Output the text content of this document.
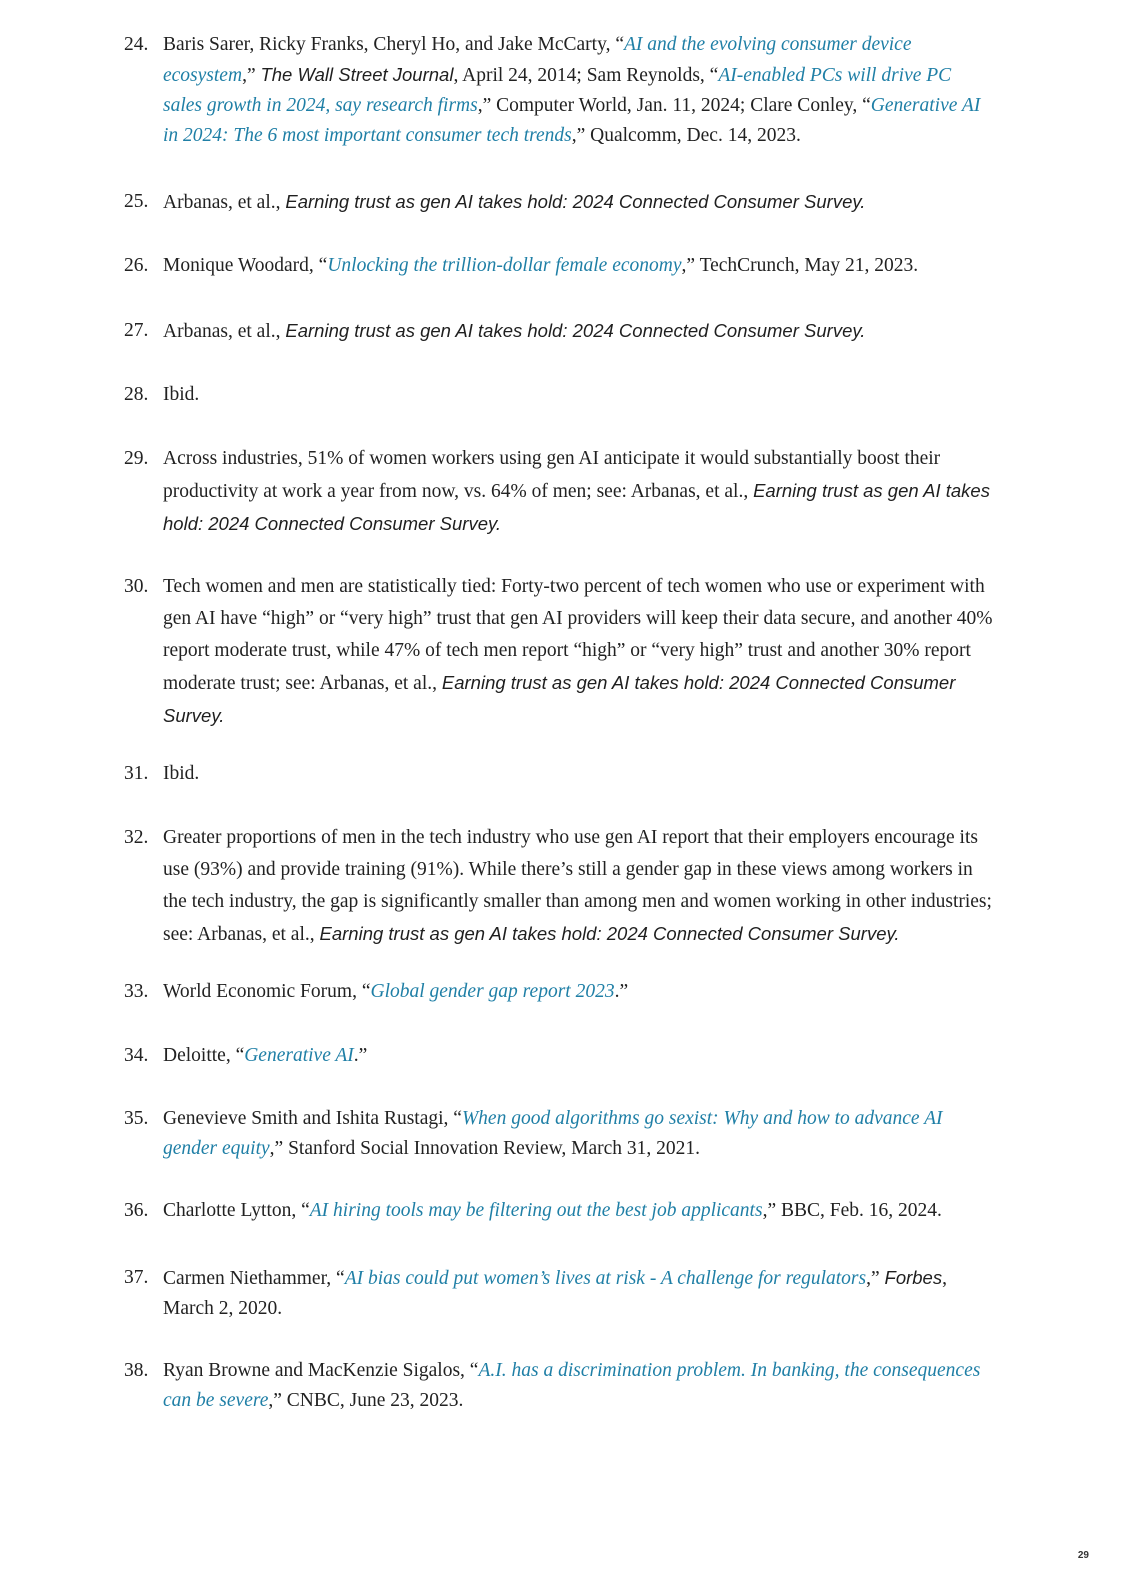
24. Baris Sarer, Ricky Franks, Cheryl Ho, and Jake McCarty, “AI and the evolving consumer device ecosystem,” The Wall Street Journal, April 24, 2014; Sam Reynolds, “AI-enabled PCs will drive PC sales growth in 2024, say research firms,” Computer World, Jan. 11, 2024; Clare Conley, “Generative AI in 2024: The 6 most important consumer tech trends,” Qualcomm, Dec. 14, 2023.
25. Arbanas, et al., Earning trust as gen AI takes hold: 2024 Connected Consumer Survey.
26. Monique Woodard, “Unlocking the trillion-dollar female economy,” TechCrunch, May 21, 2023.
27. Arbanas, et al., Earning trust as gen AI takes hold: 2024 Connected Consumer Survey.
28. Ibid.
29. Across industries, 51% of women workers using gen AI anticipate it would substantially boost their productivity at work a year from now, vs. 64% of men; see: Arbanas, et al., Earning trust as gen AI takes hold: 2024 Connected Consumer Survey.
30. Tech women and men are statistically tied: Forty-two percent of tech women who use or experiment with gen AI have “high” or “very high” trust that gen AI providers will keep their data secure, and another 40% report moderate trust, while 47% of tech men report “high” or “very high” trust and another 30% report moderate trust; see: Arbanas, et al., Earning trust as gen AI takes hold: 2024 Connected Consumer Survey.
31. Ibid.
32. Greater proportions of men in the tech industry who use gen AI report that their employers encourage its use (93%) and provide training (91%). While there’s still a gender gap in these views among workers in the tech industry, the gap is significantly smaller than among men and women working in other industries; see: Arbanas, et al., Earning trust as gen AI takes hold: 2024 Connected Consumer Survey.
33. World Economic Forum, “Global gender gap report 2023.”
34. Deloitte, “Generative AI.”
35. Genevieve Smith and Ishita Rustagi, “When good algorithms go sexist: Why and how to advance AI gender equity,” Stanford Social Innovation Review, March 31, 2021.
36. Charlotte Lytton, “AI hiring tools may be filtering out the best job applicants,” BBC, Feb. 16, 2024.
37. Carmen Niethammer, “AI bias could put women’s lives at risk - A challenge for regulators,” Forbes, March 2, 2020.
38. Ryan Browne and MacKenzie Sigalos, “A.I. has a discrimination problem. In banking, the consequences can be severe,” CNBC, June 23, 2023.
29
